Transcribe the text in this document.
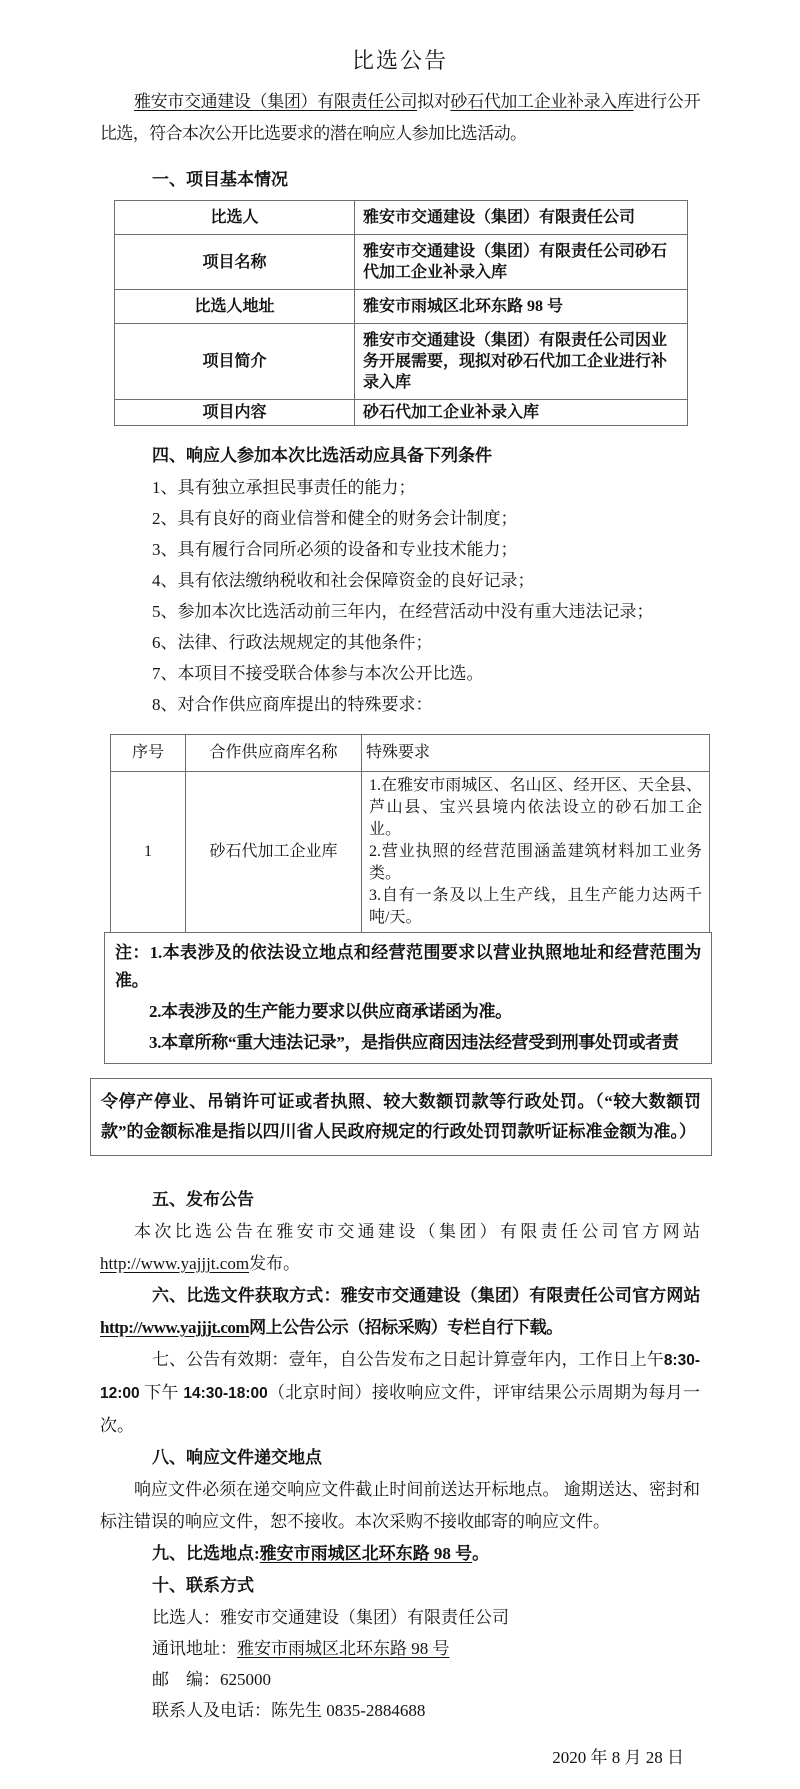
比选公告

雅安市交通建设（集团）有限责任公司拟对砂石代加工企业补录入库进行公开比选，符合本次公开比选要求的潜在响应人参加比选活动。

一、项目基本情况

比选人	雅安市交通建设（集团）有限责任公司
项目名称	雅安市交通建设（集团）有限责任公司砂石代加工企业补录入库
比选人地址	雅安市雨城区北环东路 98 号
项目简介	雅安市交通建设（集团）有限责任公司因业务开展需要，现拟对砂石代加工企业进行补录入库
项目内容	砂石代加工企业补录入库

四、响应人参加本次比选活动应具备下列条件

1、具有独立承担民事责任的能力；

2、具有良好的商业信誉和健全的财务会计制度；

3、具有履行合同所必须的设备和专业技术能力；

4、具有依法缴纳税收和社会保障资金的良好记录；

5、参加本次比选活动前三年内，在经营活动中没有重大违法记录；

6、法律、行政法规规定的其他条件；

7、本项目不接受联合体参与本次公开比选。

8、对合作供应商库提出的特殊要求：

序号	合作供应商库名称	特殊要求
1	砂石代加工企业库	1.在雅安市雨城区、名山区、经开区、天全县、芦山县、宝兴县境内依法设立的砂石加工企业。
2.营业执照的经营范围涵盖建筑材料加工业务类。
3.自有一条及以上生产线，且生产能力达两千吨/天。

注：1.本表涉及的依法设立地点和经营范围要求以营业执照地址和经营范围为准。

2.本表涉及的生产能力要求以供应商承诺函为准。

3.本章所称“重大违法记录”，是指供应商因违法经营受到刑事处罚或者责

令停产停业、吊销许可证或者执照、较大数额罚款等行政处罚。（“较大数额罚款”的金额标准是指以四川省人民政府规定的行政处罚罚款听证标准金额为准。）

五、发布公告

本次比选公告在雅安市交通建设（集团）有限责任公司官方网站http://www.yajjjt.com发布。

六、比选文件获取方式：雅安市交通建设（集团）有限责任公司官方网站http://www.yajjjt.com网上公告公示（招标采购）专栏自行下载。

七、公告有效期：壹年，自公告发布之日起计算壹年内，工作日上午8:30-12:00 下午 14:30-18:00（北京时间）接收响应文件，评审结果公示周期为每月一次。

八、响应文件递交地点

响应文件必须在递交响应文件截止时间前送达开标地点。 逾期送达、密封和标注错误的响应文件，恕不接收。本次采购不接收邮寄的响应文件。

九、比选地点:雅安市雨城区北环东路 98 号。

十、联系方式

比选人：雅安市交通建设（集团）有限责任公司

通讯地址：雅安市雨城区北环东路 98 号

邮　编：625000

联系人及电话：陈先生 0835-2884688

2020 年 8 月 28 日
